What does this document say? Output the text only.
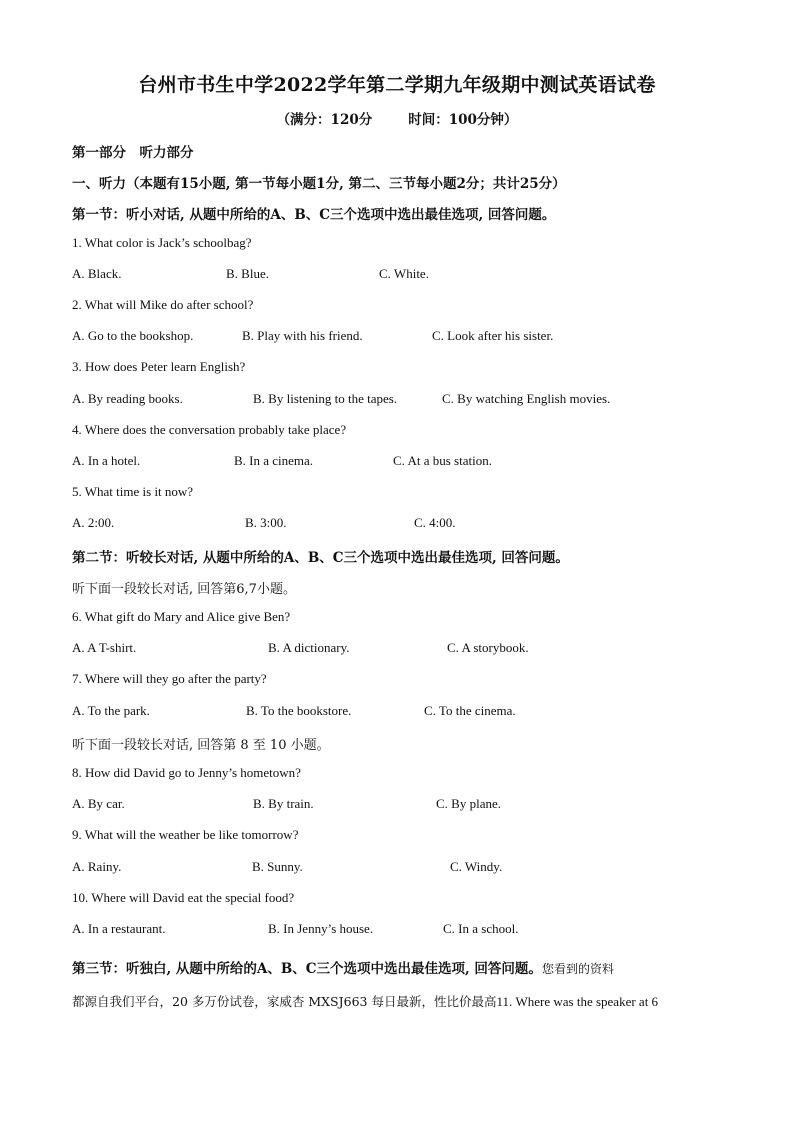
台州市书生中学2022学年第二学期九年级期中测试英语试卷
（满分：120分	时间：100分钟）
第一部分　听力部分
一、听力（本题有15小题, 第一节每小题1分, 第二、三节每小题2分；共计25分）
第一节：听小对话, 从题中所给的A、B、C三个选项中选出最佳选项, 回答问题。
1. What color is Jack’s schoolbag?
A. Black.	B. Blue.	C. White.
2. What will Mike do after school?
A. Go to the bookshop.	B. Play with his friend.	C. Look after his sister.
3. How does Peter learn English?
A. By reading books.	B. By listening to the tapes.	C. By watching English movies.
4. Where does the conversation probably take place?
A. In a hotel.	B. In a cinema.	C. At a bus station.
5. What time is it now?
A. 2:00.	B. 3:00.	C. 4:00.
第二节：听较长对话, 从题中所给的A、B、C三个选项中选出最佳选项, 回答问题。
听下面一段较长对话, 回答第6,7小题。
6. What gift do Mary and Alice give Ben?
A. A T-shirt.	B. A dictionary.	C. A storybook.
7. Where will they go after the party?
A. To the park.	B. To the bookstore.	C. To the cinema.
听下面一段较长对话, 回答第 8 至 10 小题。
8. How did David go to Jenny’s hometown?
A. By car.	B. By train.	C. By plane.
9. What will the weather be like tomorrow?
A. Rainy.	B. Sunny.	C. Windy.
10. Where will David eat the special food?
A. In a restaurant.	B. In Jenny’s house.	C. In a school.
第三节：听独白, 从题中所给的A、B、C三个选项中选出最佳选项, 回答问题。您看到的资料
都源自我们平台，20 多万份试卷，家威杏 MXSJ663 每日最新，性比价最高11. Where was the speaker at 6
